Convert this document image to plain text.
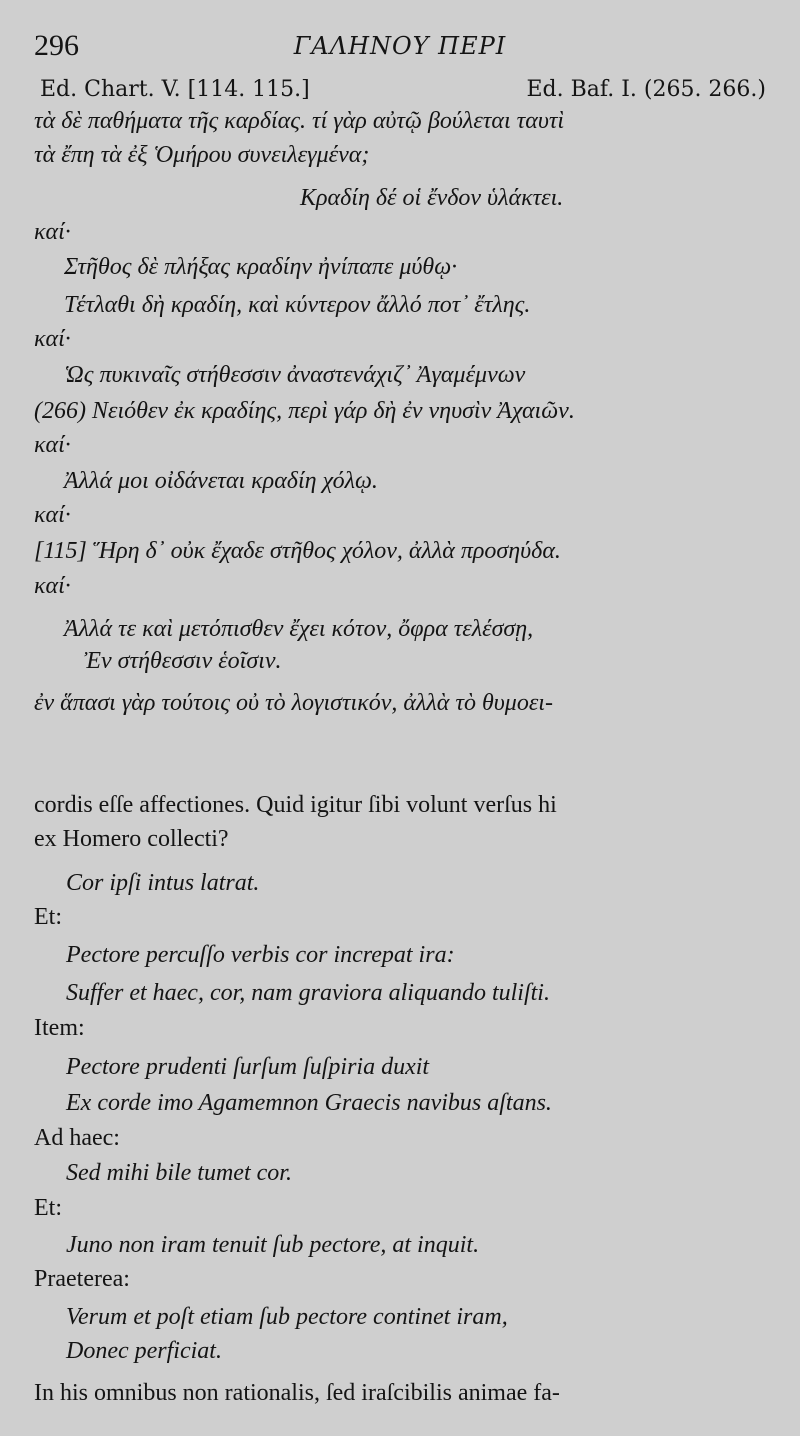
296	ΓΑΛΗΝΟΥ ΠΕΡΙ
Ed. Chart. V. [114. 115.]	Ed. Baf. I. (265. 266.)
τὰ δὲ παθήματα τῆς καρδίας. τί γὰρ αὐτῷ βούλεται ταυτὶ
τὰ ἔπη τὰ ἐξ Ὁμήρου συνειλεγμένα;
Κραδίη δέ οἱ ἔνδον ὑλάκτει.
καί·
Στῆθος δὲ πλήξας κραδίην ἠνίπαπε μύθῳ·
Τέτλαθι δὴ κραδίη, καὶ κύντερον ἄλλό ποτ᾽ ἔτλης.
καί·
Ὡς πυκιναῖς στήθεσσιν ἀναστενάχιζ᾽ Ἀγαμέμνων
(266) Νειόθεν ἐκ κραδίης, περὶ γάρ δὴ ἐν νηυσὶν Ἀχαιῶν.
καί·
Ἀλλά μοι οἰδάνεται κραδίη χόλῳ.
καί·
[115] Ἥρη δ᾽ οὐκ ἔχαδε στῆθος χόλον, ἀλλὰ προσηύδα.
καί·
Ἀλλά τε καὶ μετόπισθεν ἔχει κότον, ὄφρα τελέσσῃ,
Ἐν στήθεσσιν ἑοῖσιν.
ἐν ἅπασι γὰρ τούτοις οὐ τὸ λογιστικόν, ἀλλὰ τὸ θυμοει-
cordis eſſe affectiones. Quid igitur ſibi volunt verſus hi
ex Homero collecti?
Cor ipſi intus latrat.
Et:
Pectore percuſſo verbis cor increpat ira:
Suffer et haec, cor, nam graviora aliquando tuliſti.
Item:
Pectore prudenti ſurſum ſuſpiria duxit
Ex corde imo Agamemnon Graecis navibus aſtans.
Ad haec:
Sed mihi bile tumet cor.
Et:
Juno non iram tenuit ſub pectore, at inquit.
Praeterea:
Verum et poſt etiam ſub pectore continet iram,
Donec perficiat.
In his omnibus non rationalis, ſed iraſcibilis animae fa-
